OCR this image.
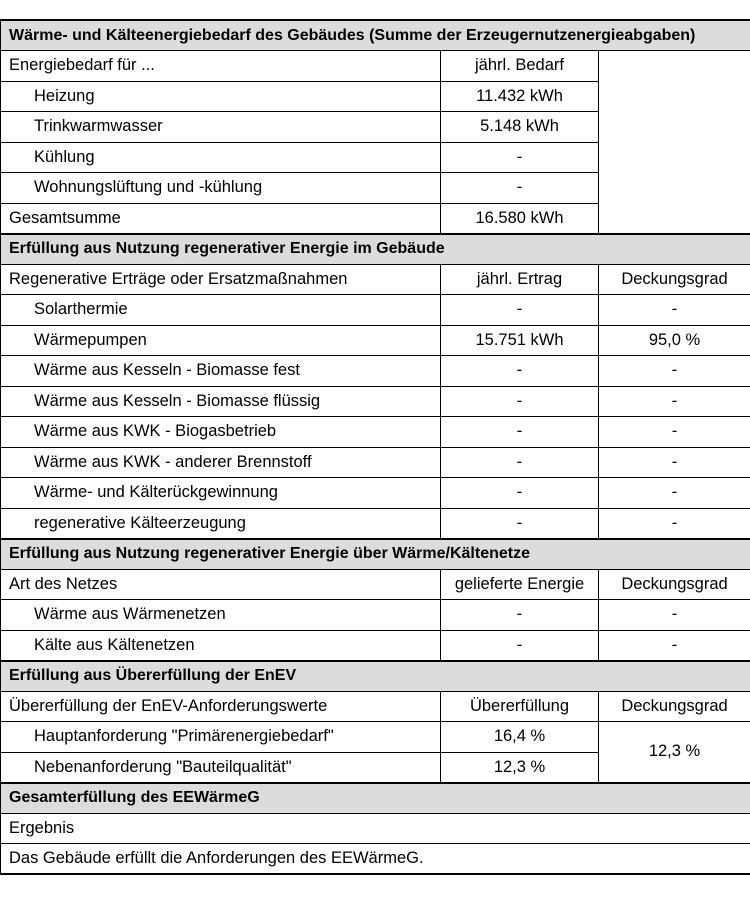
Wärme- und Kälteenergiebedarf des Gebäudes (Summe der Erzeugernutzenergieabgaben)		
Energiebedarf für ...	jährl. Bedarf	
Heizung	11.432 kWh	
Trinkwarmwasser	5.148 kWh	
Kühlung	-	
Wohnungslüftung und -kühlung	-	
Gesamtsumme	16.580 kWh	
Erfüllung aus Nutzung regenerativer Energie im Gebäude		
Regenerative Erträge oder Ersatzmaßnahmen	jährl. Ertrag	Deckungsgrad
Solarthermie	-	-
Wärmepumpen	15.751 kWh	95,0 %
Wärme aus Kesseln - Biomasse fest	-	-
Wärme aus Kesseln - Biomasse flüssig	-	-
Wärme aus KWK - Biogasbetrieb	-	-
Wärme aus KWK - anderer Brennstoff	-	-
Wärme- und Kälterückgewinnung	-	-
regenerative Kälteerzeugung	-	-
Erfüllung aus Nutzung regenerativer Energie über Wärme/Kältenetze		
Art des Netzes	gelieferte Energie	Deckungsgrad
Wärme aus Wärmenetzen	-	-
Kälte aus Kältenetzen	-	-
Erfüllung aus Übererfüllung der EnEV		
Übererfüllung der EnEV-Anforderungswerte	Übererfüllung	Deckungsgrad
Hauptanforderung "Primärenergiebedarf"	16,4 %	12,3 %
Nebenanforderung "Bauteilqualität"	12,3 %	
Gesamterfüllung des EEWärmeG		
Ergebnis		
Das Gebäude erfüllt die Anforderungen des EEWärmeG.		
